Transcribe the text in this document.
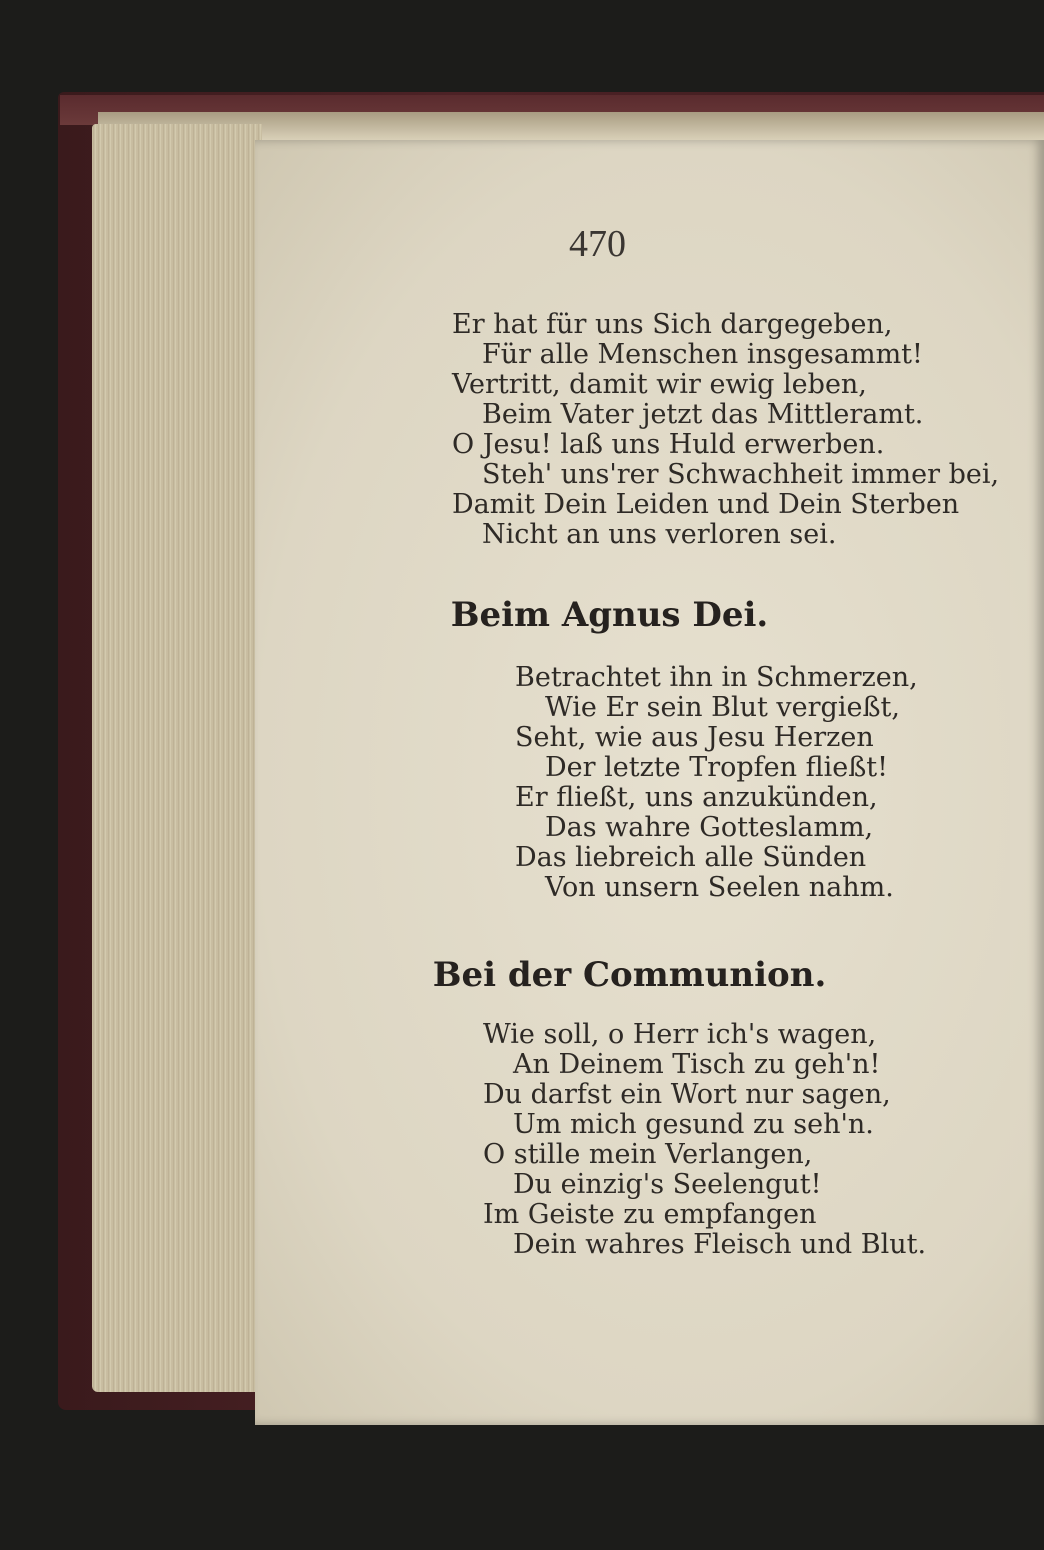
470
Er hat für uns Sich dargegeben,
Für alle Menschen insgesammt!
Vertritt, damit wir ewig leben,
Beim Vater jetzt das Mittleramt.
O Jesu! laß uns Huld erwerben.
Steh' uns'rer Schwachheit immer bei,
Damit Dein Leiden und Dein Sterben
Nicht an uns verloren sei.
Beim Agnus Dei.
Betrachtet ihn in Schmerzen,
Wie Er sein Blut vergießt,
Seht, wie aus Jesu Herzen
Der letzte Tropfen fließt!
Er fließt, uns anzukünden,
Das wahre Gotteslamm,
Das liebreich alle Sünden
Von unsern Seelen nahm.
Bei der Communion.
Wie soll, o Herr ich's wagen,
An Deinem Tisch zu geh'n!
Du darfst ein Wort nur sagen,
Um mich gesund zu seh'n.
O stille mein Verlangen,
Du einzig's Seelengut!
Im Geiste zu empfangen
Dein wahres Fleisch und Blut.
